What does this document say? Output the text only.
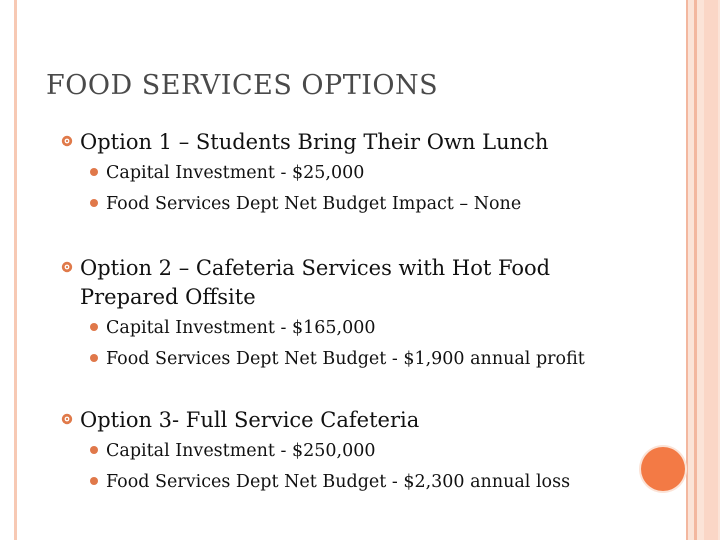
FOOD SERVICES OPTIONS
Option 1 – Students Bring Their Own Lunch
Capital Investment - $25,000
Food Services Dept Net Budget Impact – None
Option 2 – Cafeteria Services with Hot Food
Prepared Offsite
Capital Investment - $165,000
Food Services Dept Net Budget - $1,900 annual profit
Option 3- Full Service Cafeteria
Capital Investment - $250,000
Food Services Dept Net Budget - $2,300 annual loss
